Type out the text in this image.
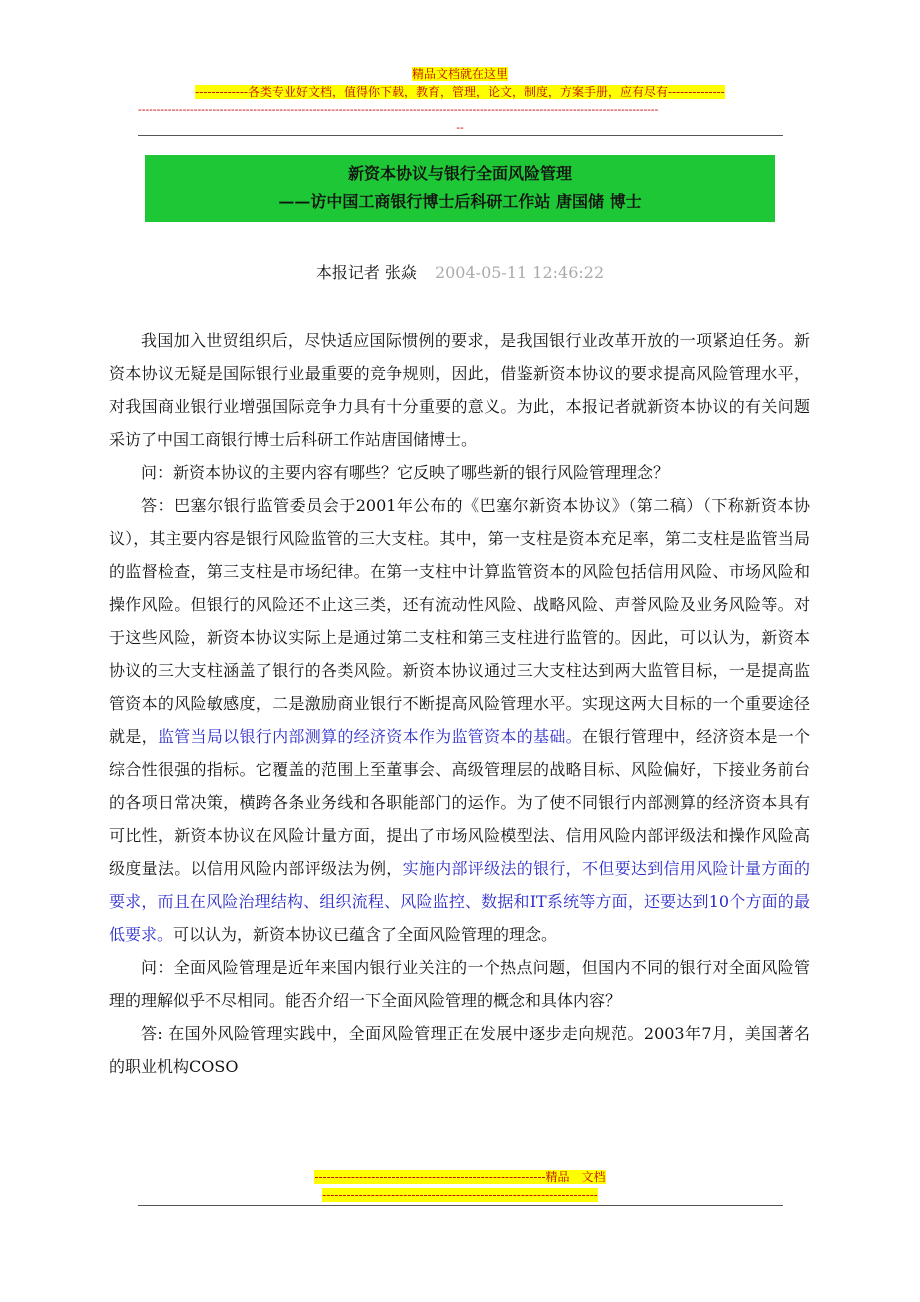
精品文档就在这里
-------------各类专业好文档，值得你下载，教育，管理，论文，制度，方案手册，应有尽有--------------
--------------------------------------------------------------------------------------------------------------------------------------------
--
新资本协议与银行全面风险管理
——访中国工商银行博士后科研工作站 唐国储 博士
本报记者 张焱 2004-05-11 12:46:22

我国加入世贸组织后，尽快适应国际惯例的要求，是我国银行业改革开放的一项紧迫任务。新资本协议无疑是国际银行业最重要的竞争规则，因此，借鉴新资本协议的要求提高风险管理水平，对我国商业银行业增强国际竞争力具有十分重要的意义。为此，本报记者就新资本协议的有关问题采访了中国工商银行博士后科研工作站唐国储博士。

问：新资本协议的主要内容有哪些？它反映了哪些新的银行风险管理理念？

答：巴塞尔银行监管委员会于2001年公布的《巴塞尔新资本协议》（第二稿）（下称新资本协议），其主要内容是银行风险监管的三大支柱。其中，第一支柱是资本充足率，第二支柱是监管当局的监督检查，第三支柱是市场纪律。在第一支柱中计算监管资本的风险包括信用风险、市场风险和操作风险。但银行的风险还不止这三类，还有流动性风险、战略风险、声誉风险及业务风险等。对于这些风险，新资本协议实际上是通过第二支柱和第三支柱进行监管的。因此，可以认为，新资本协议的三大支柱涵盖了银行的各类风险。新资本协议通过三大支柱达到两大监管目标，一是提高监管资本的风险敏感度，二是激励商业银行不断提高风险管理水平。实现这两大目标的一个重要途径就是，监管当局以银行内部测算的经济资本作为监管资本的基础。在银行管理中，经济资本是一个综合性很强的指标。它覆盖的范围上至董事会、高级管理层的战略目标、风险偏好，下接业务前台的各项日常决策，横跨各条业务线和各职能部门的运作。为了使不同银行内部测算的经济资本具有可比性，新资本协议在风险计量方面，提出了市场风险模型法、信用风险内部评级法和操作风险高级度量法。以信用风险内部评级法为例，实施内部评级法的银行，不但要达到信用风险计量方面的要求，而且在风险治理结构、组织流程、风险监控、数据和IT系统等方面，还要达到10个方面的最低要求。可以认为，新资本协议已蕴含了全面风险管理的理念。

问：全面风险管理是近年来国内银行业关注的一个热点问题，但国内不同的银行对全面风险管理的理解似乎不尽相同。能否介绍一下全面风险管理的概念和具体内容？

答: 在国外风险管理实践中，全面风险管理正在发展中逐步走向规范。2003年7月，美国著名的职业机构COSO

---------------------------------------------------------精品　文档
--------------------------------------------------------------------
